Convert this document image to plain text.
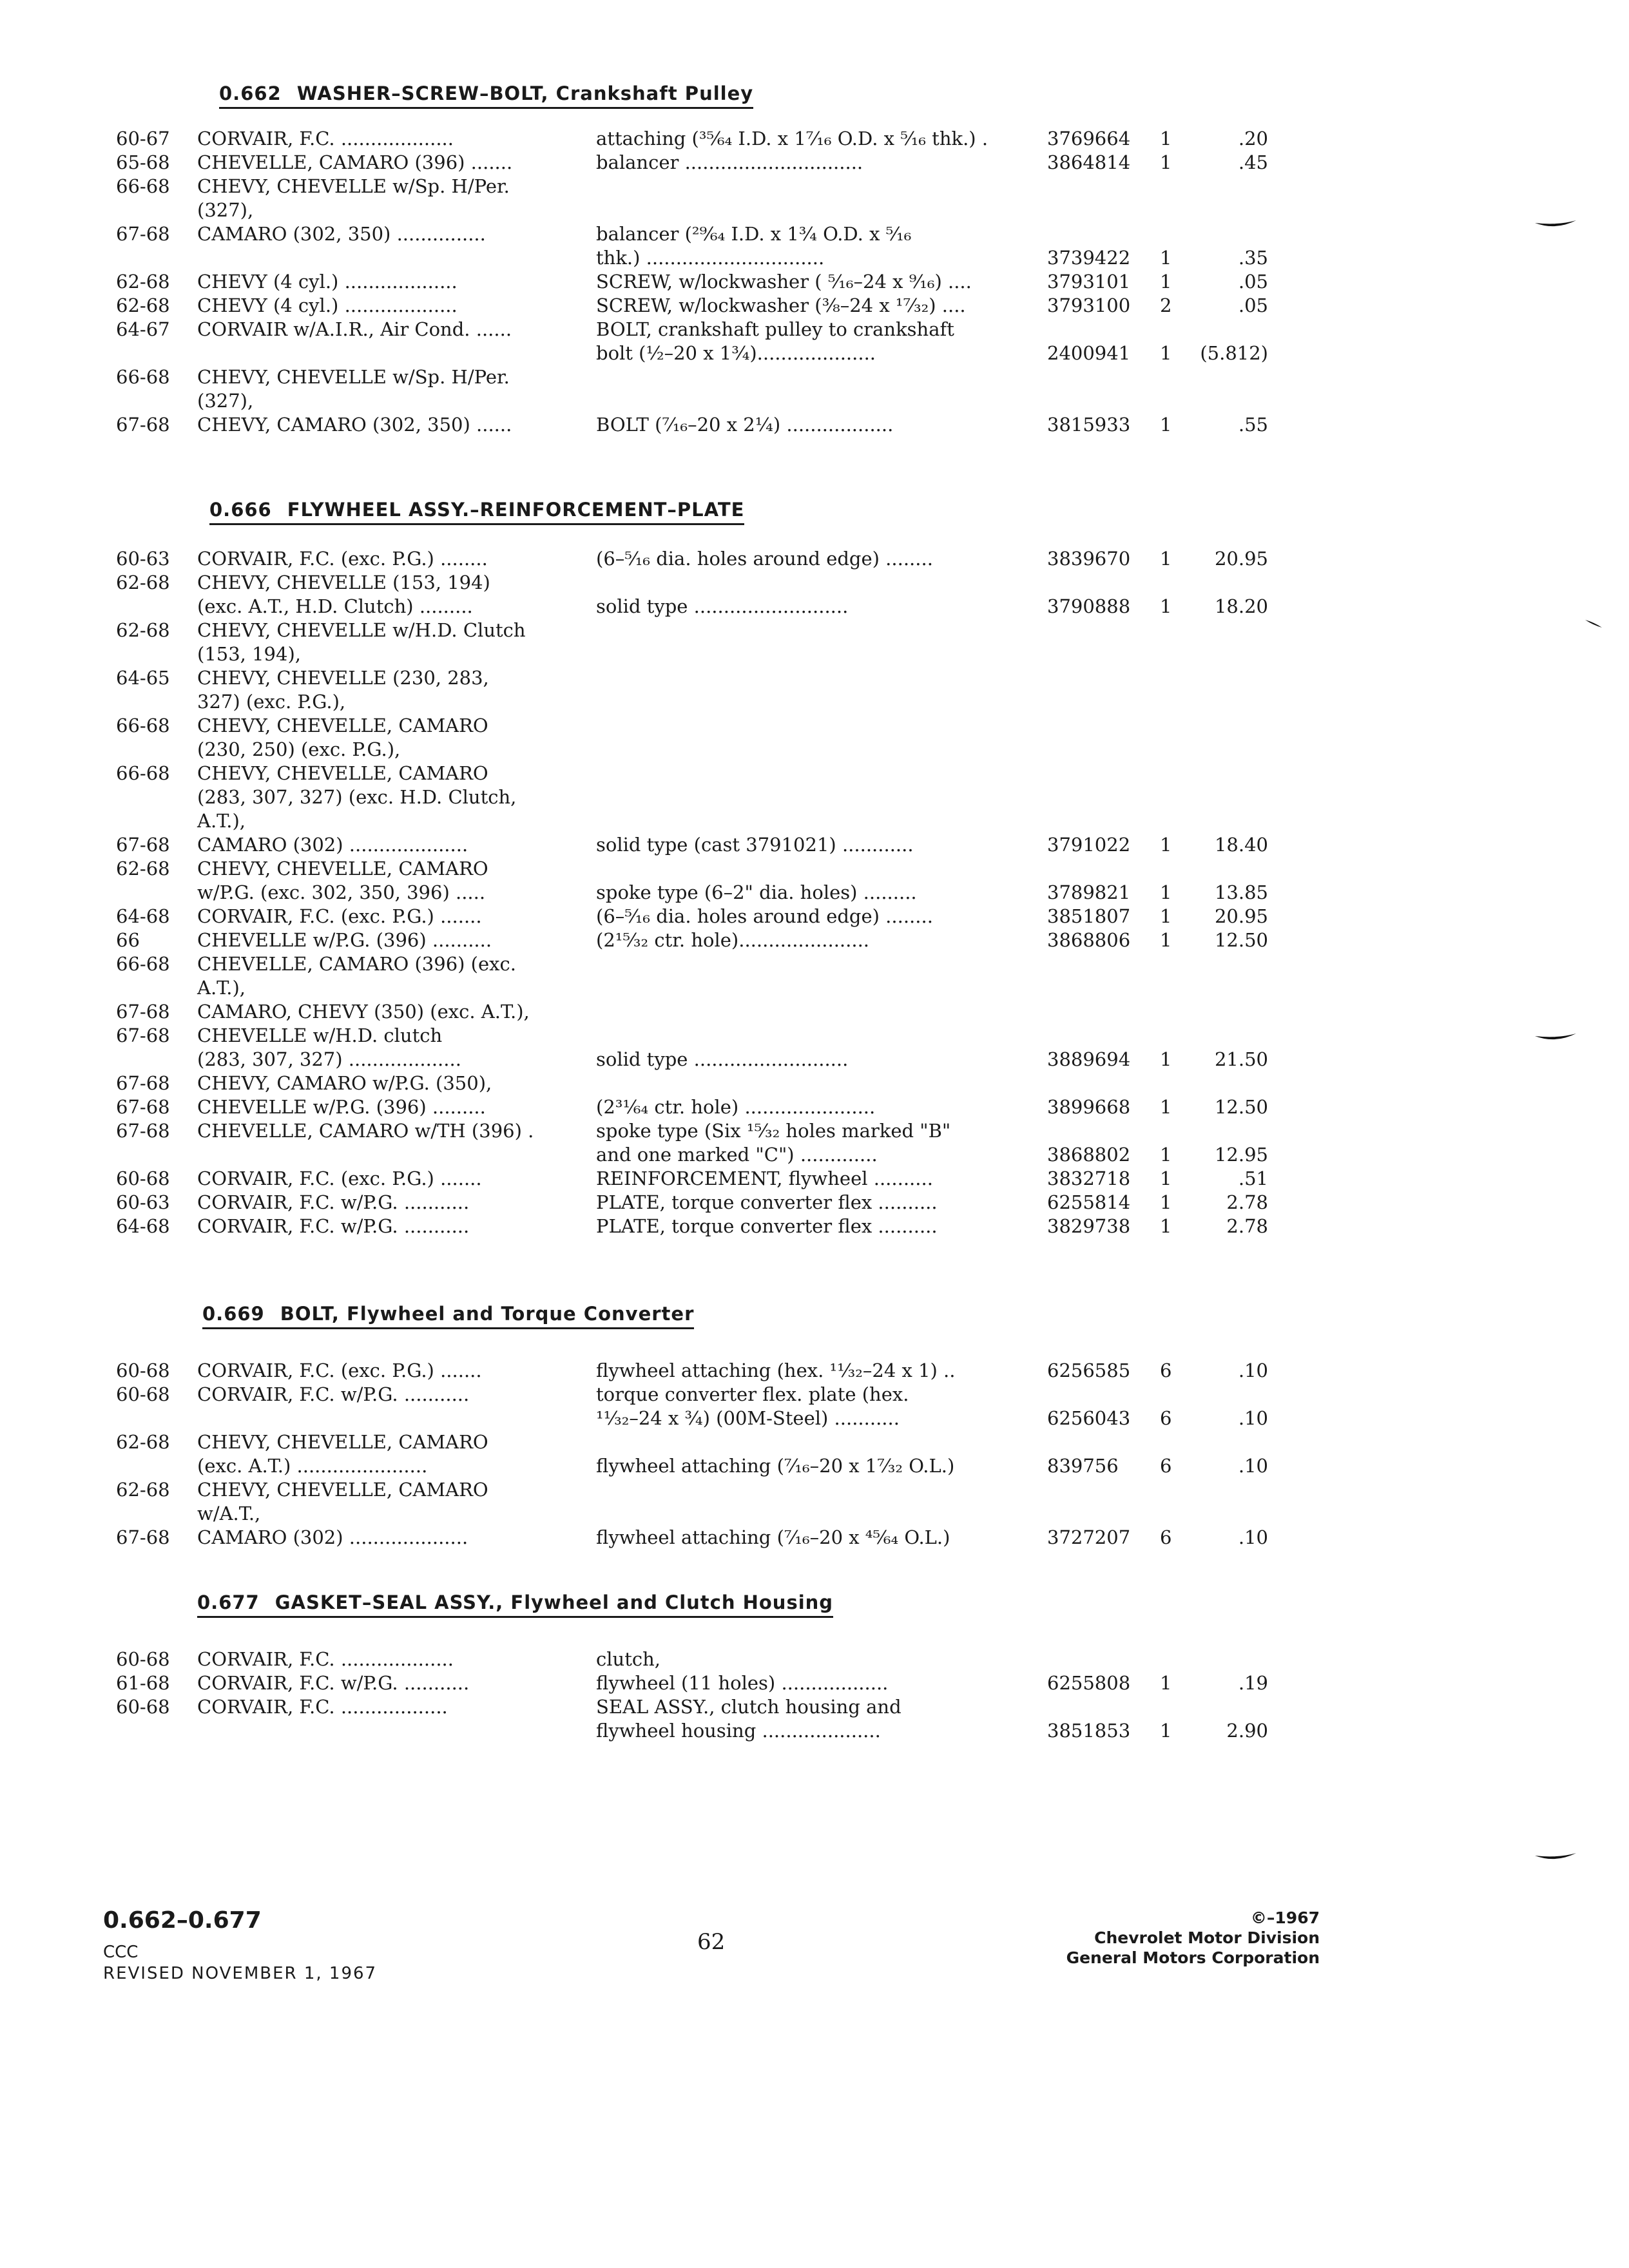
0.662 WASHER–SCREW–BOLT, Crankshaft Pulley
60-67 CORVAIR, F.C. ...................	attaching (³⁵⁄₆₄ I.D. x 1⁷⁄₁₆ O.D. x ⁵⁄₁₆ thk.) .	3769664 1	.20
65-68 CHEVELLE, CAMARO (396) .......	balancer ..............................	3864814 1	.45
66-68 CHEVY, CHEVELLE w/Sp. H/Per.
(327),
67-68 CAMARO (302, 350) ...............	balancer (²⁹⁄₆₄ I.D. x 1³⁄₄ O.D. x ⁵⁄₁₆
thk.) ..............................	3739422 1	.35
62-68 CHEVY (4 cyl.) ...................	SCREW, w/lockwasher ( ⁵⁄₁₆–24 x ⁹⁄₁₆) ....	3793101 1	.05
62-68 CHEVY (4 cyl.) ...................	SCREW, w/lockwasher (³⁄₈–24 x ¹⁷⁄₃₂) ....	3793100 2	.05
64-67 CORVAIR w/A.I.R., Air Cond. ......	BOLT, crankshaft pulley to crankshaft
bolt (½–20 x 1³⁄₄)....................	2400941 1 (5.812)
66-68 CHEVY, CHEVELLE w/Sp. H/Per.
(327),
67-68 CHEVY, CAMARO (302, 350) ......	BOLT (⁷⁄₁₆–20 x 2¼) ..................	3815933 1	.55
0.666 FLYWHEEL ASSY.–REINFORCEMENT–PLATE
60-63 CORVAIR, F.C. (exc. P.G.) ........	(6–⁵⁄₁₆ dia. holes around edge) ........	3839670 1 20.95
62-68 CHEVY, CHEVELLE (153, 194)
(exc. A.T., H.D. Clutch) .........	solid type ..........................	3790888 1 18.20
62-68 CHEVY, CHEVELLE w/H.D. Clutch
(153, 194),
64-65 CHEVY, CHEVELLE (230, 283,
327) (exc. P.G.),
66-68 CHEVY, CHEVELLE, CAMARO
(230, 250) (exc. P.G.),
66-68 CHEVY, CHEVELLE, CAMARO
(283, 307, 327) (exc. H.D. Clutch,
A.T.),
67-68 CAMARO (302) ....................	solid type (cast 3791021) ............	3791022 1 18.40
62-68 CHEVY, CHEVELLE, CAMARO
w/P.G. (exc. 302, 350, 396) .....	spoke type (6–2" dia. holes) .........	3789821 1 13.85
64-68 CORVAIR, F.C. (exc. P.G.) .......	(6–⁵⁄₁₆ dia. holes around edge) ........	3851807 1 20.95
66	CHEVELLE w/P.G. (396) ..........	(2¹⁵⁄₃₂ ctr. hole)......................	3868806 1 12.50
66-68 CHEVELLE, CAMARO (396) (exc.
A.T.),
67-68 CAMARO, CHEVY (350) (exc. A.T.),
67-68 CHEVELLE w/H.D. clutch
(283, 307, 327) ...................	solid type ..........................	3889694 1 21.50
67-68 CHEVY, CAMARO w/P.G. (350),
67-68 CHEVELLE w/P.G. (396) .........	(2³¹⁄₆₄ ctr. hole) ......................	3899668 1 12.50
67-68 CHEVELLE, CAMARO w/TH (396) .	spoke type (Six ¹⁵⁄₃₂ holes marked "B"
and one marked "C") .............	3868802 1 12.95
60-68 CORVAIR, F.C. (exc. P.G.) .......	REINFORCEMENT, flywheel ..........	3832718 1	.51
60-63 CORVAIR, F.C. w/P.G. ...........	PLATE, torque converter flex ..........	6255814 1	2.78
64-68 CORVAIR, F.C. w/P.G. ...........	PLATE, torque converter flex ..........	3829738 1	2.78
0.669 BOLT, Flywheel and Torque Converter
60-68 CORVAIR, F.C. (exc. P.G.) .......	flywheel attaching (hex. ¹¹⁄₃₂–24 x 1) ..	6256585 6	.10
60-68 CORVAIR, F.C. w/P.G. ...........	torque converter flex. plate (hex.
¹¹⁄₃₂–24 x ¾) (00M-Steel) ...........	6256043 6	.10
62-68 CHEVY, CHEVELLE, CAMARO
(exc. A.T.) ......................	flywheel attaching (⁷⁄₁₆–20 x 1⁷⁄₃₂ O.L.)	839756 6	.10
62-68 CHEVY, CHEVELLE, CAMARO
w/A.T.,
67-68 CAMARO (302) ....................	flywheel attaching (⁷⁄₁₆–20 x ⁴⁵⁄₆₄ O.L.)	3727207 6	.10
0.677 GASKET–SEAL ASSY., Flywheel and Clutch Housing
60-68 CORVAIR, F.C. ...................	clutch,
61-68 CORVAIR, F.C. w/P.G. ...........	flywheel (11 holes) ..................	6255808 1	.19
60-68 CORVAIR, F.C. ..................	SEAL ASSY., clutch housing and
flywheel housing ....................	3851853 1	2.90
0.662–0.677
CCC
REVISED NOVEMBER 1, 1967
62
©–1967
Chevrolet Motor Division
General Motors Corporation
